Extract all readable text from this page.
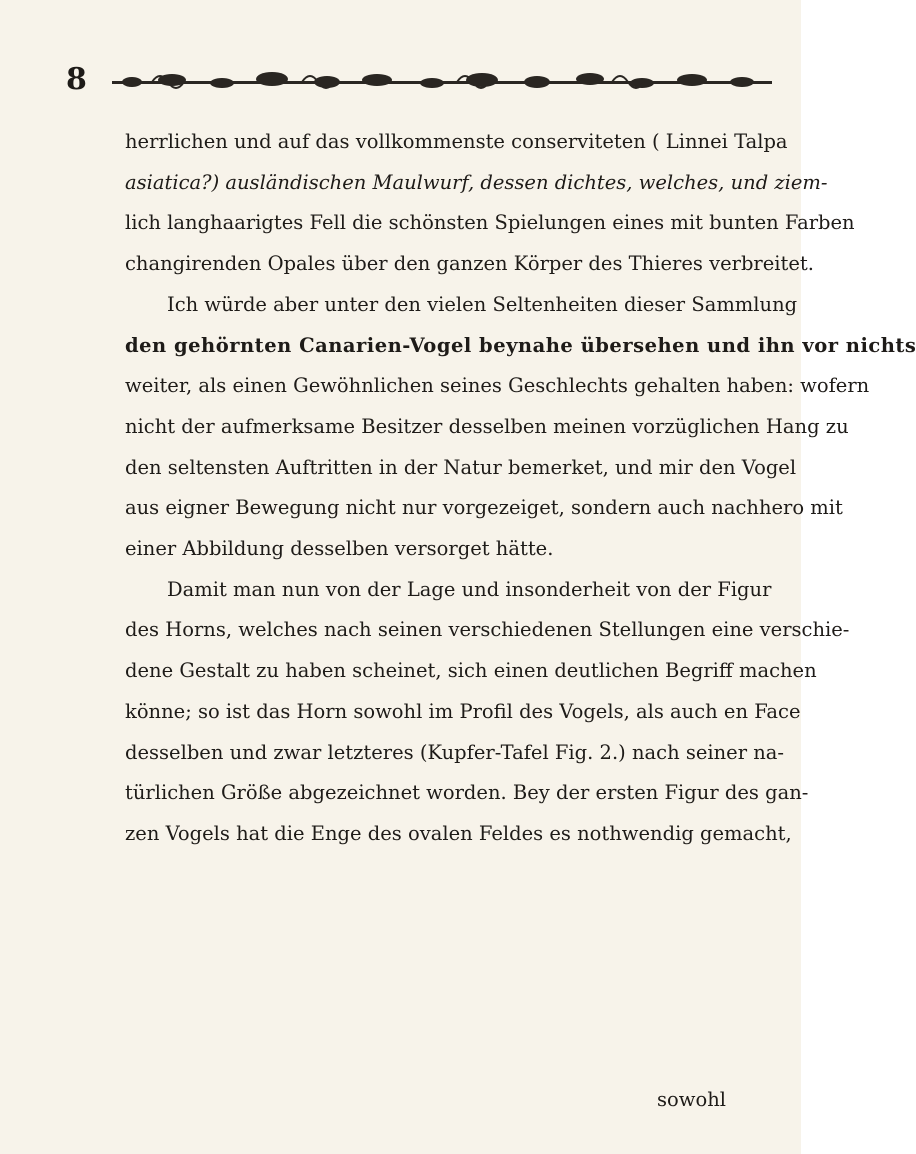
8

herrlichen und auf das vollkommenste conserviteten ( Linnei Talpa
asiatica?) ausländischen Maulwurf, dessen dichtes, welches, und ziem-
lich langhaarigtes Fell die schönsten Spielungen eines mit bunten Farben
changirenden Opales über den ganzen Körper des Thieres verbreitet.

Ich würde aber unter den vielen Seltenheiten dieser Sammlung

den gehörnten Canarien-Vogel beynahe übersehen und ihn vor nichts
weiter, als einen Gewöhnlichen seines Geschlechts gehalten haben: wofern
nicht der aufmerksame Besitzer desselben meinen vorzüglichen Hang zu
den seltensten Auftritten in der Natur bemerket, und mir den Vogel
aus eigner Bewegung nicht nur vorgezeiget, sondern auch nachhero mit
einer Abbildung desselben versorget hätte.

Damit man nun von der Lage und insonderheit von der Figur

des Horns, welches nach seinen verschiedenen Stellungen eine verschie-
dene Gestalt zu haben scheinet, sich einen deutlichen Begriff machen
könne; so ist das Horn sowohl im Profil des Vogels, als auch en Face
desselben und zwar letzteres (Kupfer-Tafel Fig. 2.) nach seiner na-
türlichen Größe abgezeichnet worden. Bey der ersten Figur des gan-
zen Vogels hat die Enge des ovalen Feldes es nothwendig gemacht,

sowohl
